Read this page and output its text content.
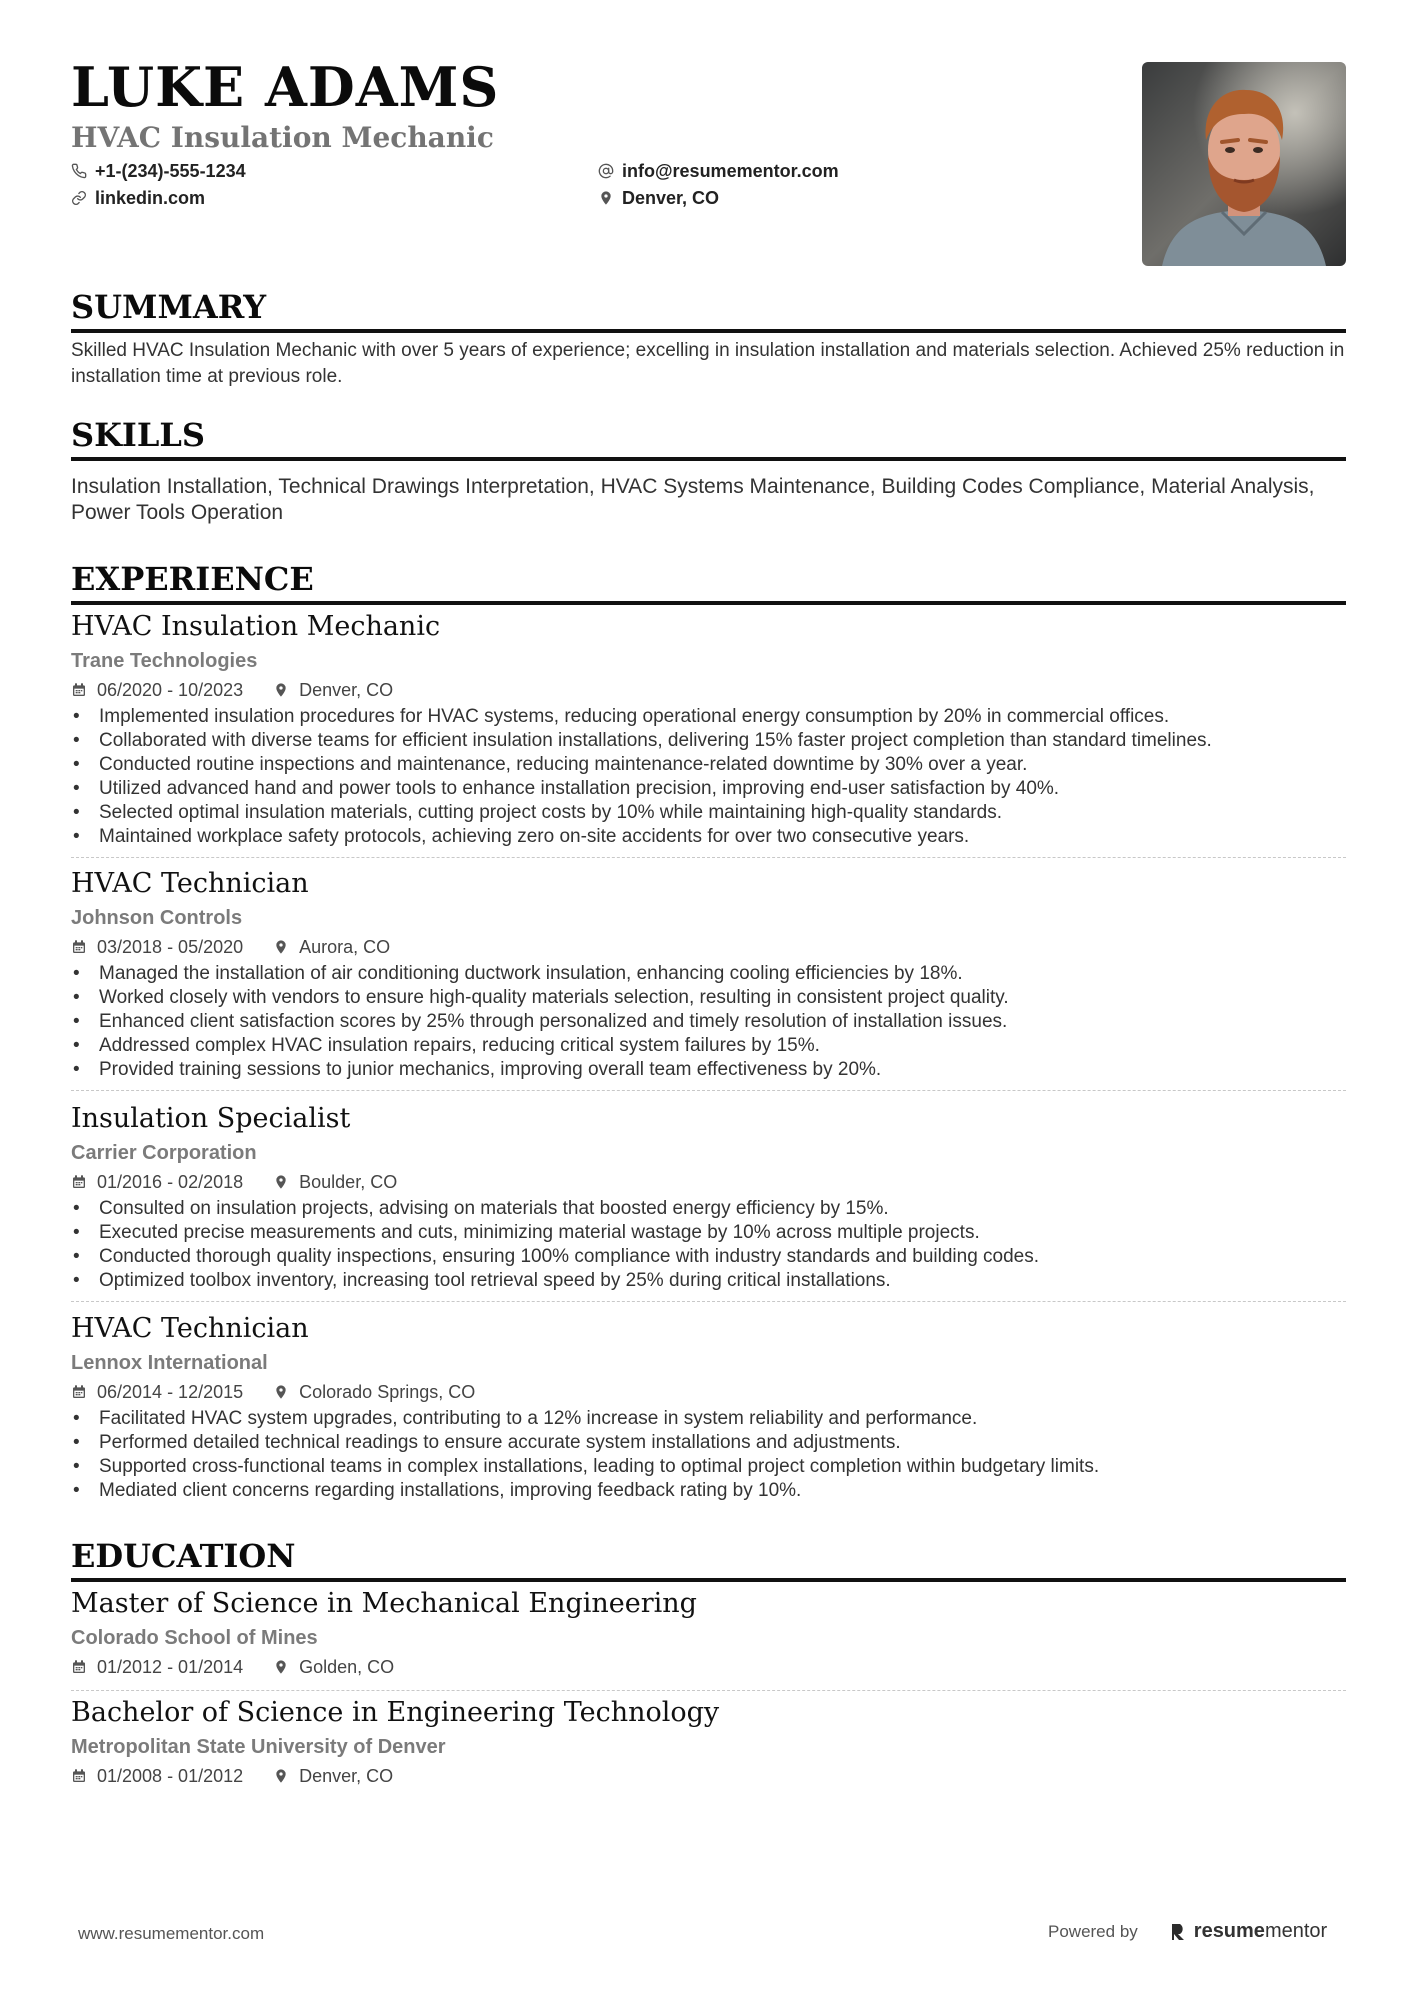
LUKE ADAMS
HVAC Insulation Mechanic
+1-(234)-555-1234	info@resumementor.com
linkedin.com	Denver, CO
SUMMARY
Skilled HVAC Insulation Mechanic with over 5 years of experience; excelling in insulation installation and materials selection. Achieved 25% reduction in installation time at previous role.
SKILLS
Insulation Installation, Technical Drawings Interpretation, HVAC Systems Maintenance, Building Codes Compliance, Material Analysis, Power Tools Operation
EXPERIENCE
HVAC Insulation Mechanic
Trane Technologies
06/2020 - 10/2023	Denver, CO
• Implemented insulation procedures for HVAC systems, reducing operational energy consumption by 20% in commercial offices.
• Collaborated with diverse teams for efficient insulation installations, delivering 15% faster project completion than standard timelines.
• Conducted routine inspections and maintenance, reducing maintenance-related downtime by 30% over a year.
• Utilized advanced hand and power tools to enhance installation precision, improving end-user satisfaction by 40%.
• Selected optimal insulation materials, cutting project costs by 10% while maintaining high-quality standards.
• Maintained workplace safety protocols, achieving zero on-site accidents for over two consecutive years.
HVAC Technician
Johnson Controls
03/2018 - 05/2020	Aurora, CO
• Managed the installation of air conditioning ductwork insulation, enhancing cooling efficiencies by 18%.
• Worked closely with vendors to ensure high-quality materials selection, resulting in consistent project quality.
• Enhanced client satisfaction scores by 25% through personalized and timely resolution of installation issues.
• Addressed complex HVAC insulation repairs, reducing critical system failures by 15%.
• Provided training sessions to junior mechanics, improving overall team effectiveness by 20%.
Insulation Specialist
Carrier Corporation
01/2016 - 02/2018	Boulder, CO
• Consulted on insulation projects, advising on materials that boosted energy efficiency by 15%.
• Executed precise measurements and cuts, minimizing material wastage by 10% across multiple projects.
• Conducted thorough quality inspections, ensuring 100% compliance with industry standards and building codes.
• Optimized toolbox inventory, increasing tool retrieval speed by 25% during critical installations.
HVAC Technician
Lennox International
06/2014 - 12/2015	Colorado Springs, CO
• Facilitated HVAC system upgrades, contributing to a 12% increase in system reliability and performance.
• Performed detailed technical readings to ensure accurate system installations and adjustments.
• Supported cross-functional teams in complex installations, leading to optimal project completion within budgetary limits.
• Mediated client concerns regarding installations, improving feedback rating by 10%.
EDUCATION
Master of Science in Mechanical Engineering
Colorado School of Mines
01/2012 - 01/2014	Golden, CO
Bachelor of Science in Engineering Technology
Metropolitan State University of Denver
01/2008 - 01/2012	Denver, CO
www.resumementor.com	Powered by	resumementor
